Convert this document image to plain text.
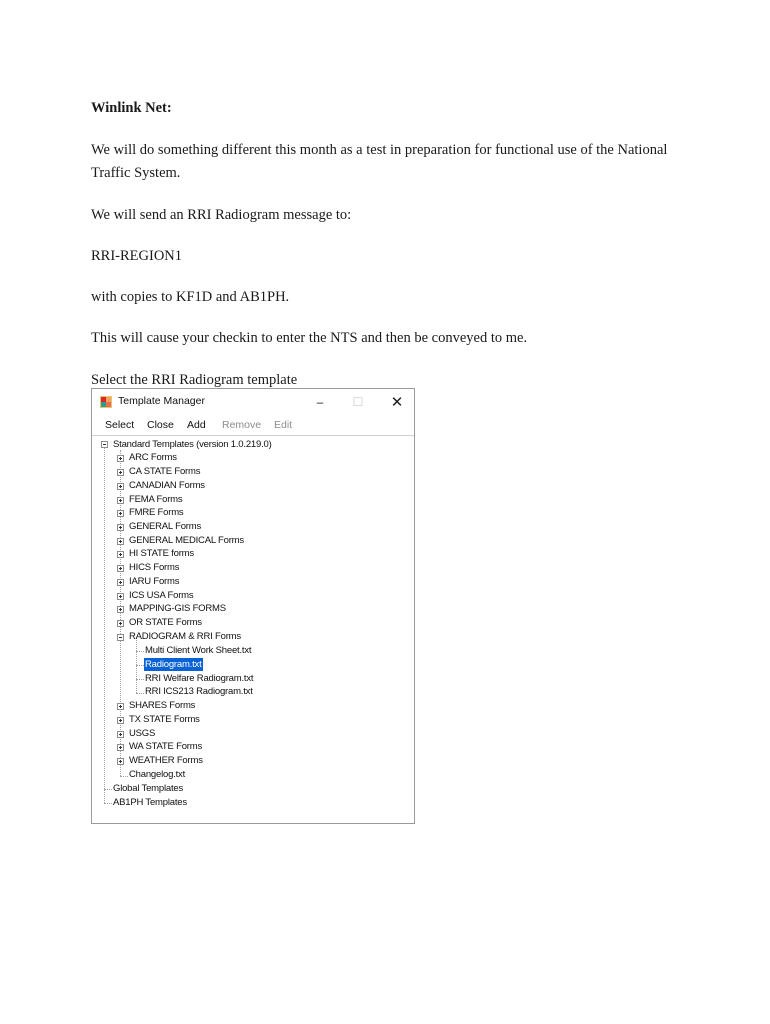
Winlink Net:

We will do something different this month as a test in preparation for functional use of the National Traffic System.

We will send an RRI Radiogram message to:

RRI-REGION1

with copies to KF1D and AB1PH.

This will cause your checkin to enter the NTS and then be conveyed to me.

Select the RRI Radiogram template

Template Manager	–	☐	✕
Select Close Add Remove Edit
Standard Templates (version 1.0.219.0)
ARC Forms
CA STATE Forms
CANADIAN Forms
FEMA Forms
FMRE Forms
GENERAL Forms
GENERAL MEDICAL Forms
HI STATE forms
HICS Forms
IARU Forms
ICS USA Forms
MAPPING-GIS FORMS
OR STATE Forms
RADIOGRAM & RRI Forms
Multi Client Work Sheet.txt
Radiogram.txt
RRI Welfare Radiogram.txt
RRI ICS213 Radiogram.txt
SHARES Forms
TX STATE Forms
USGS
WA STATE Forms
WEATHER Forms
Changelog.txt
Global Templates
AB1PH Templates
